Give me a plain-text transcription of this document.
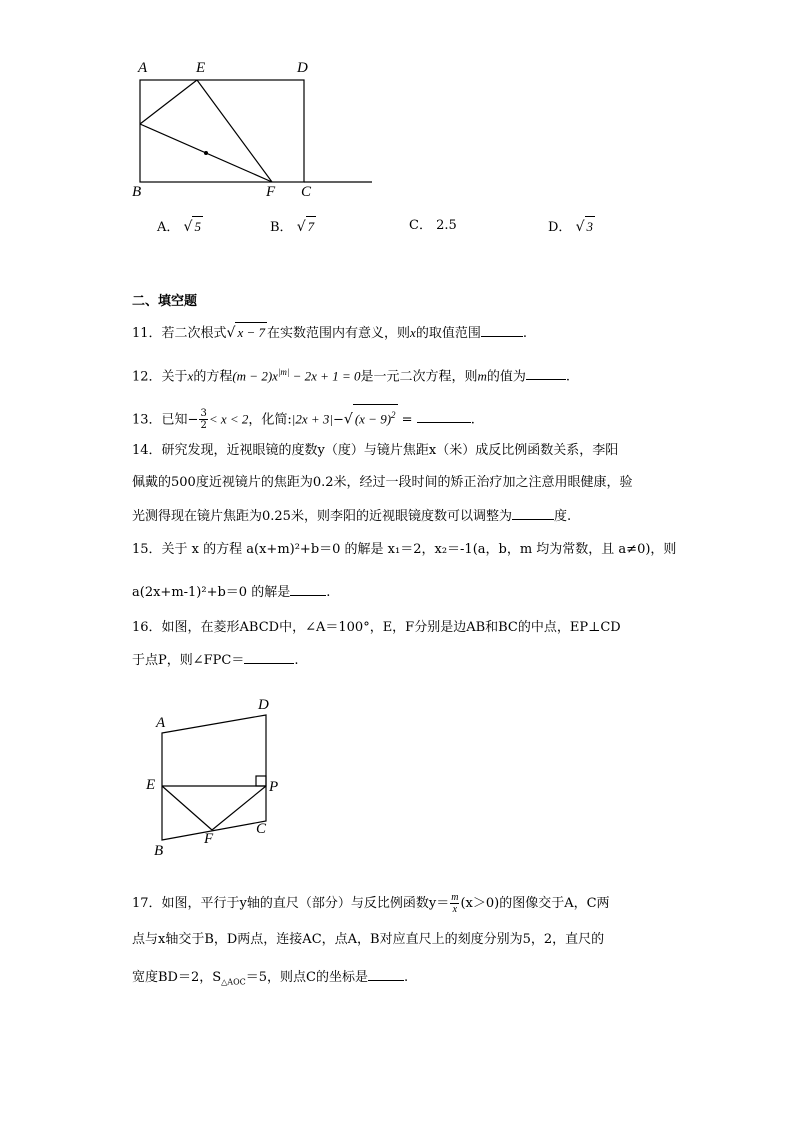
A	E	D
B	F C
A． √ 5	B． √ 7	C． 2.5	D． √ 3
二、填空题
11．若二次根式√ x − 7 在实数范围内有意义，则x的取值范围	.
12．关于x的方程$(m - 2)x^{|m|} - 2x + 1 = 0$是一元二次方程，则m的值为	.
13．已知− $\frac{3}{2} < x < 2$，化简:|2x + 3|−√ $(x - 9)^2$ =	.
14．研究发现，近视眼镜的度数y（度）与镜片焦距x（米）成反比例函数关系，李阳
佩戴的500度近视镜片的焦距为0.2米，经过一段时间的矫正治疗加之注意用眼健康，验
光测得现在镜片焦距为0.25米，则李阳的近视眼镜度数可以调整为	度.
15．关于 x 的方程 a(x+m)²+b＝0 的解是 x₁＝2，x₂＝-1(a，b，m 均为常数，且 a≠0)，则
a(2x+m-1)²+b＝0 的解是	.
16．如图，在菱形ABCD中，∠A＝100°，E，F分别是边AB和BC的中点，EP⊥CD
于点P，则∠FPC＝	.
A
D
E	P
B
F
C
17．如图，平行于y轴的直尺（部分）与反比例函数$y= \frac{m}{x} (x>0)$的图像交于A，C两
点与x轴交于B，D两点，连接AC，点A，B对应直尺上的刻度分别为5，2，直尺的
宽度BD＝2，$S_{\triangle AOC}=5$，则点C的坐标是	.
